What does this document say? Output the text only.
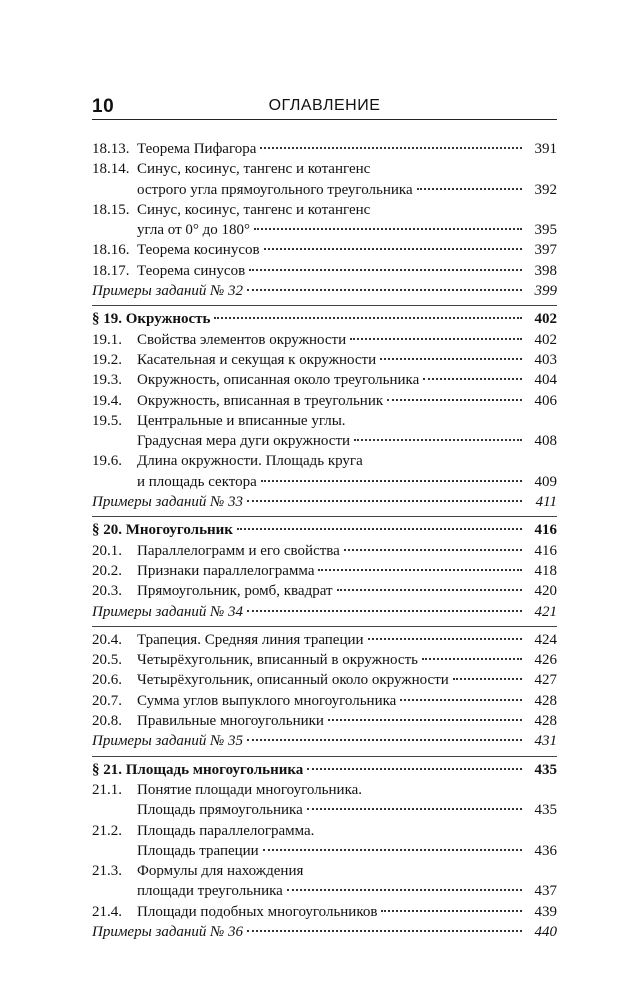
10	ОГЛАВЛЕНИЕ
18.13. Теорема Пифагора	391
18.14. Синус, косинус, тангенс и котангенс
острого угла прямоугольного треугольника	392
18.15. Синус, косинус, тангенс и котангенс
угла от 0° до 180°	395
18.16. Теорема косинусов	397
18.17. Теорема синусов	398
Примеры заданий № 32	399
§ 19. Окружность	402
19.1.	Свойства элементов окружности	402
19.2.	Касательная и секущая к окружности	403
19.3.	Окружность, описанная около треугольника	404
19.4.	Окружность, вписанная в треугольник	406
19.5.	Центральные и вписанные углы.
Градусная мера дуги окружности	408
19.6.	Длина окружности. Площадь круга
и площадь сектора	409
Примеры заданий № 33	411
§ 20. Многоугольник	416
20.1.	Параллелограмм и его свойства	416
20.2.	Признаки параллелограмма	418
20.3.	Прямоугольник, ромб, квадрат	420
Примеры заданий № 34	421
20.4.	Трапеция. Средняя линия трапеции	424
20.5.	Четырёхугольник, вписанный в окружность	426
20.6.	Четырёхугольник, описанный около окружности	427
20.7.	Сумма углов выпуклого многоугольника	428
20.8.	Правильные многоугольники	428
Примеры заданий № 35	431
§ 21. Площадь многоугольника	435
21.1.	Понятие площади многоугольника.
Площадь прямоугольника	435
21.2.	Площадь параллелограмма.
Площадь трапеции	436
21.3.	Формулы для нахождения
площади треугольника	437
21.4.	Площади подобных многоугольников	439
Примеры заданий № 36	440
